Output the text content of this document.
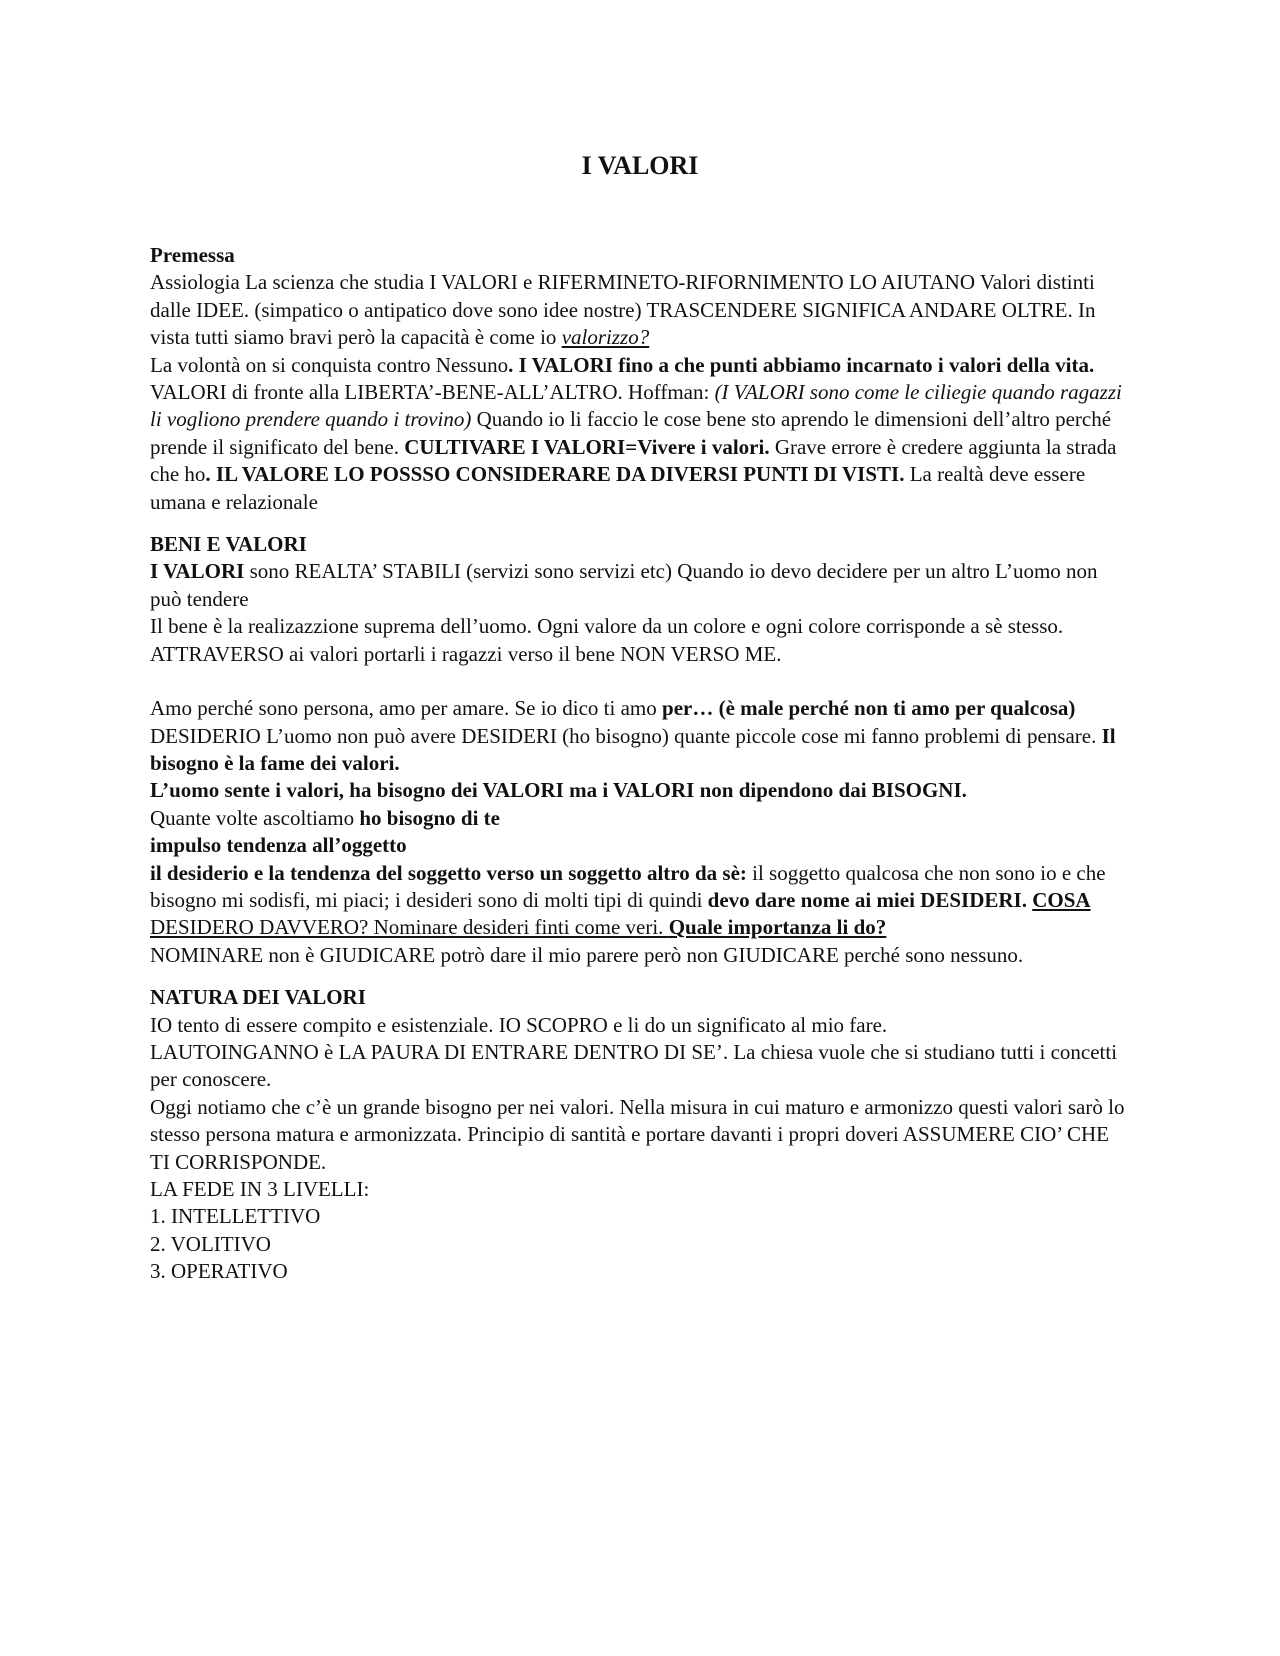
I VALORI

Premessa

Assiologia La scienza che studia I VALORI e RIFERMINETO-RIFORNIMENTO LO AIUTANO Valori distinti dalle IDEE. (simpatico o antipatico dove sono idee nostre) TRASCENDERE SIGNIFICA ANDARE OLTRE. In vista tutti siamo bravi però la capacità è come io valorizzo?

La volontà on si conquista contro Nessuno. I VALORI fino a che punti abbiamo incarnato i valori della vita. VALORI di fronte alla LIBERTA’-BENE-ALL’ALTRO. Hoffman: (I VALORI sono come le ciliegie quando ragazzi li vogliono prendere quando i trovino) Quando io li faccio le cose bene sto aprendo le dimensioni dell’altro perché prende il significato del bene. CULTIVARE I VALORI=Vivere i valori. Grave errore è credere aggiunta la strada che ho. IL VALORE LO POSSSO CONSIDERARE DA DIVERSI PUNTI DI VISTI. La realtà deve essere umana e relazionale

BENI E VALORI

I VALORI sono REALTA’ STABILI (servizi sono servizi etc) Quando io devo decidere per un altro L’uomo non può tendere

Il bene è la realizazzione suprema dell’uomo. Ogni valore da un colore e ogni colore corrisponde a sè stesso. ATTRAVERSO ai valori portarli i ragazzi verso il bene NON VERSO ME.

Amo perché sono persona, amo per amare. Se io dico ti amo per… (è male perché non ti amo per qualcosa)

DESIDERIO L’uomo non può avere DESIDERI (ho bisogno) quante piccole cose mi fanno problemi di pensare. Il bisogno è la fame dei valori.

L’uomo sente i valori, ha bisogno dei VALORI ma i VALORI non dipendono dai BISOGNI.

Quante volte ascoltiamo ho bisogno di te

impulso tendenza all’oggetto

il desiderio e la tendenza del soggetto verso un soggetto altro da sè: il soggetto qualcosa che non sono io e che bisogno mi sodisfi, mi piaci; i desideri sono di molti tipi di quindi devo dare nome ai miei DESIDERI. COSA DESIDERO DAVVERO? Nominare desideri finti come veri. Quale importanza li do?

NOMINARE non è GIUDICARE potrò dare il mio parere però non GIUDICARE perché sono nessuno.

NATURA DEI VALORI

IO tento di essere compito e esistenziale. IO SCOPRO e li do un significato al mio fare.

LAUTOINGANNO è LA PAURA DI ENTRARE DENTRO DI SE’. La chiesa vuole che si studiano tutti i concetti per conoscere.

Oggi notiamo che c’è un grande bisogno per nei valori. Nella misura in cui maturo e armonizzo questi valori sarò lo stesso persona matura e armonizzata. Principio di santità e portare davanti i propri doveri ASSUMERE CIO’ CHE TI CORRISPONDE.

LA FEDE IN 3 LIVELLI:

1. INTELLETTIVO

2. VOLITIVO

3. OPERATIVO
